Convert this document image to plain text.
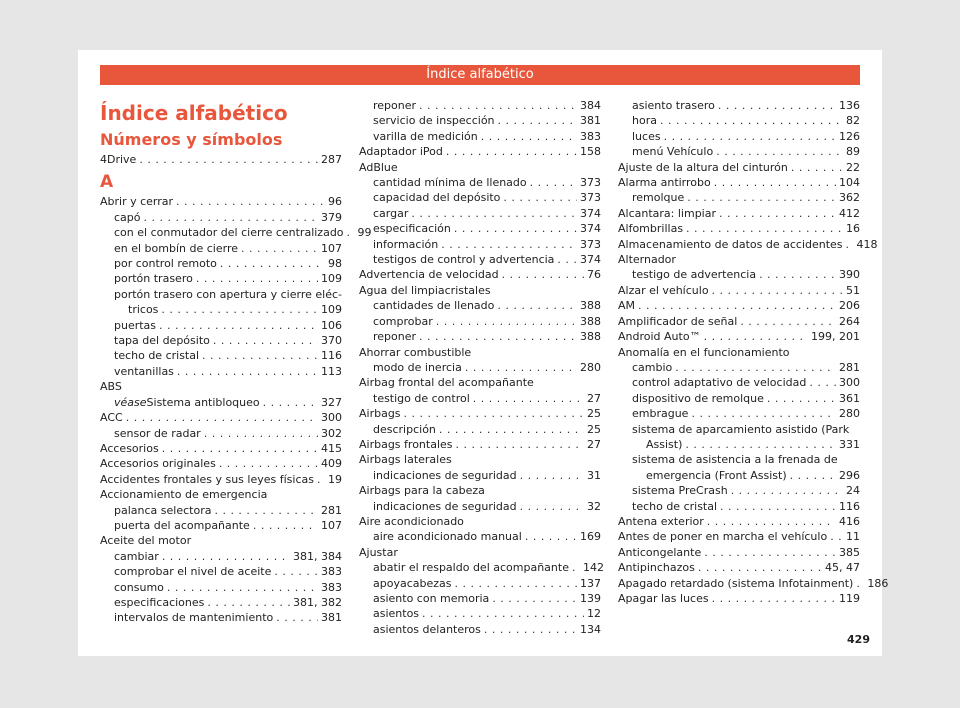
Índice alfabético
Índice alfabético
Números y símbolos
4Drive . . .	287
A
Abrir y cerrar . . .	96
capó . . .	379
con el conmutador del cierre centralizado . . . 99
en el bombín de cierre . . .	107
por control remoto . . .	98
portón trasero . . .	109
portón trasero con apertura y cierre eléc-
tricos . . .	109
puertas . . .	106
tapa del depósito . . .	370
techo de cristal . . .	116
ventanillas . . .	113
ABS
véase Sistema antibloqueo . . .	327
ACC . . .	300
sensor de radar . . .	302
Accesorios . . .	415
Accesorios originales . . .	409
Accidentes frontales y sus leyes físicas . . . 19
Accionamiento de emergencia
palanca selectora . . .	281
puerta del acompañante . . .	107
Aceite del motor
cambiar . . .	381, 384
comprobar el nivel de aceite . . .	383
consumo . . .	383
especificaciones . . .	381, 382
intervalos de mantenimiento . . .	381
reponer . . .	384
servicio de inspección . . .	381
varilla de medición . . .	383
Adaptador iPod . . .	158
AdBlue
cantidad mínima de llenado . . .	373
capacidad del depósito . . .	373
cargar . . .	374
especificación . . .	374
información . . .	373
testigos de control y advertencia . . . 374
Advertencia de velocidad . . .	76
Agua del limpiacristales
cantidades de llenado . . .	388
comprobar . . .	388
reponer . . .	388
Ahorrar combustible
modo de inercia . . .	280
Airbag frontal del acompañante
testigo de control . . .	27
Airbags . . .	25
descripción . . .	25
Airbags frontales . . .	27
Airbags laterales
indicaciones de seguridad . . .	31
Airbags para la cabeza
indicaciones de seguridad . . .	32
Aire acondicionado
aire acondicionado manual . . .	169
Ajustar
abatir el respaldo del acompañante . . . 142
apoyacabezas . . .	137
asiento con memoria . . .	139
asientos . . .	12
asientos delanteros . . .	134
asiento trasero . . .	136
hora . . .	82
luces . . .	126
menú Vehículo . . .	89
Ajuste de la altura del cinturón . . .	22
Alarma antirrobo . . .	104
remolque . . .	362
Alcantara: limpiar . . .	412
Alfombrillas . . .	16
Almacenamiento de datos de accidentes . . . 418
Alternador
testigo de advertencia . . .	390
Alzar el vehículo . . .	51
AM . . .	206
Amplificador de señal . . .	264
Android Auto™ . . .	199, 201
Anomalía en el funcionamiento
cambio . . .	281
control adaptativo de velocidad . . .	300
dispositivo de remolque . . .	361
embrague . . .	280
sistema de aparcamiento asistido (Park
Assist) . . .	331
sistema de asistencia a la frenada de
emergencia (Front Assist) . . .	296
sistema PreCrash . . .	24
techo de cristal . . .	116
Antena exterior . . .	416
Antes de poner en marcha el vehículo . . . 11
Anticongelante . . .	385
Antipinchazos . . .	45, 47
Apagado retardado (sistema Infotainment) . . . 186
Apagar las luces . . .	119
429
